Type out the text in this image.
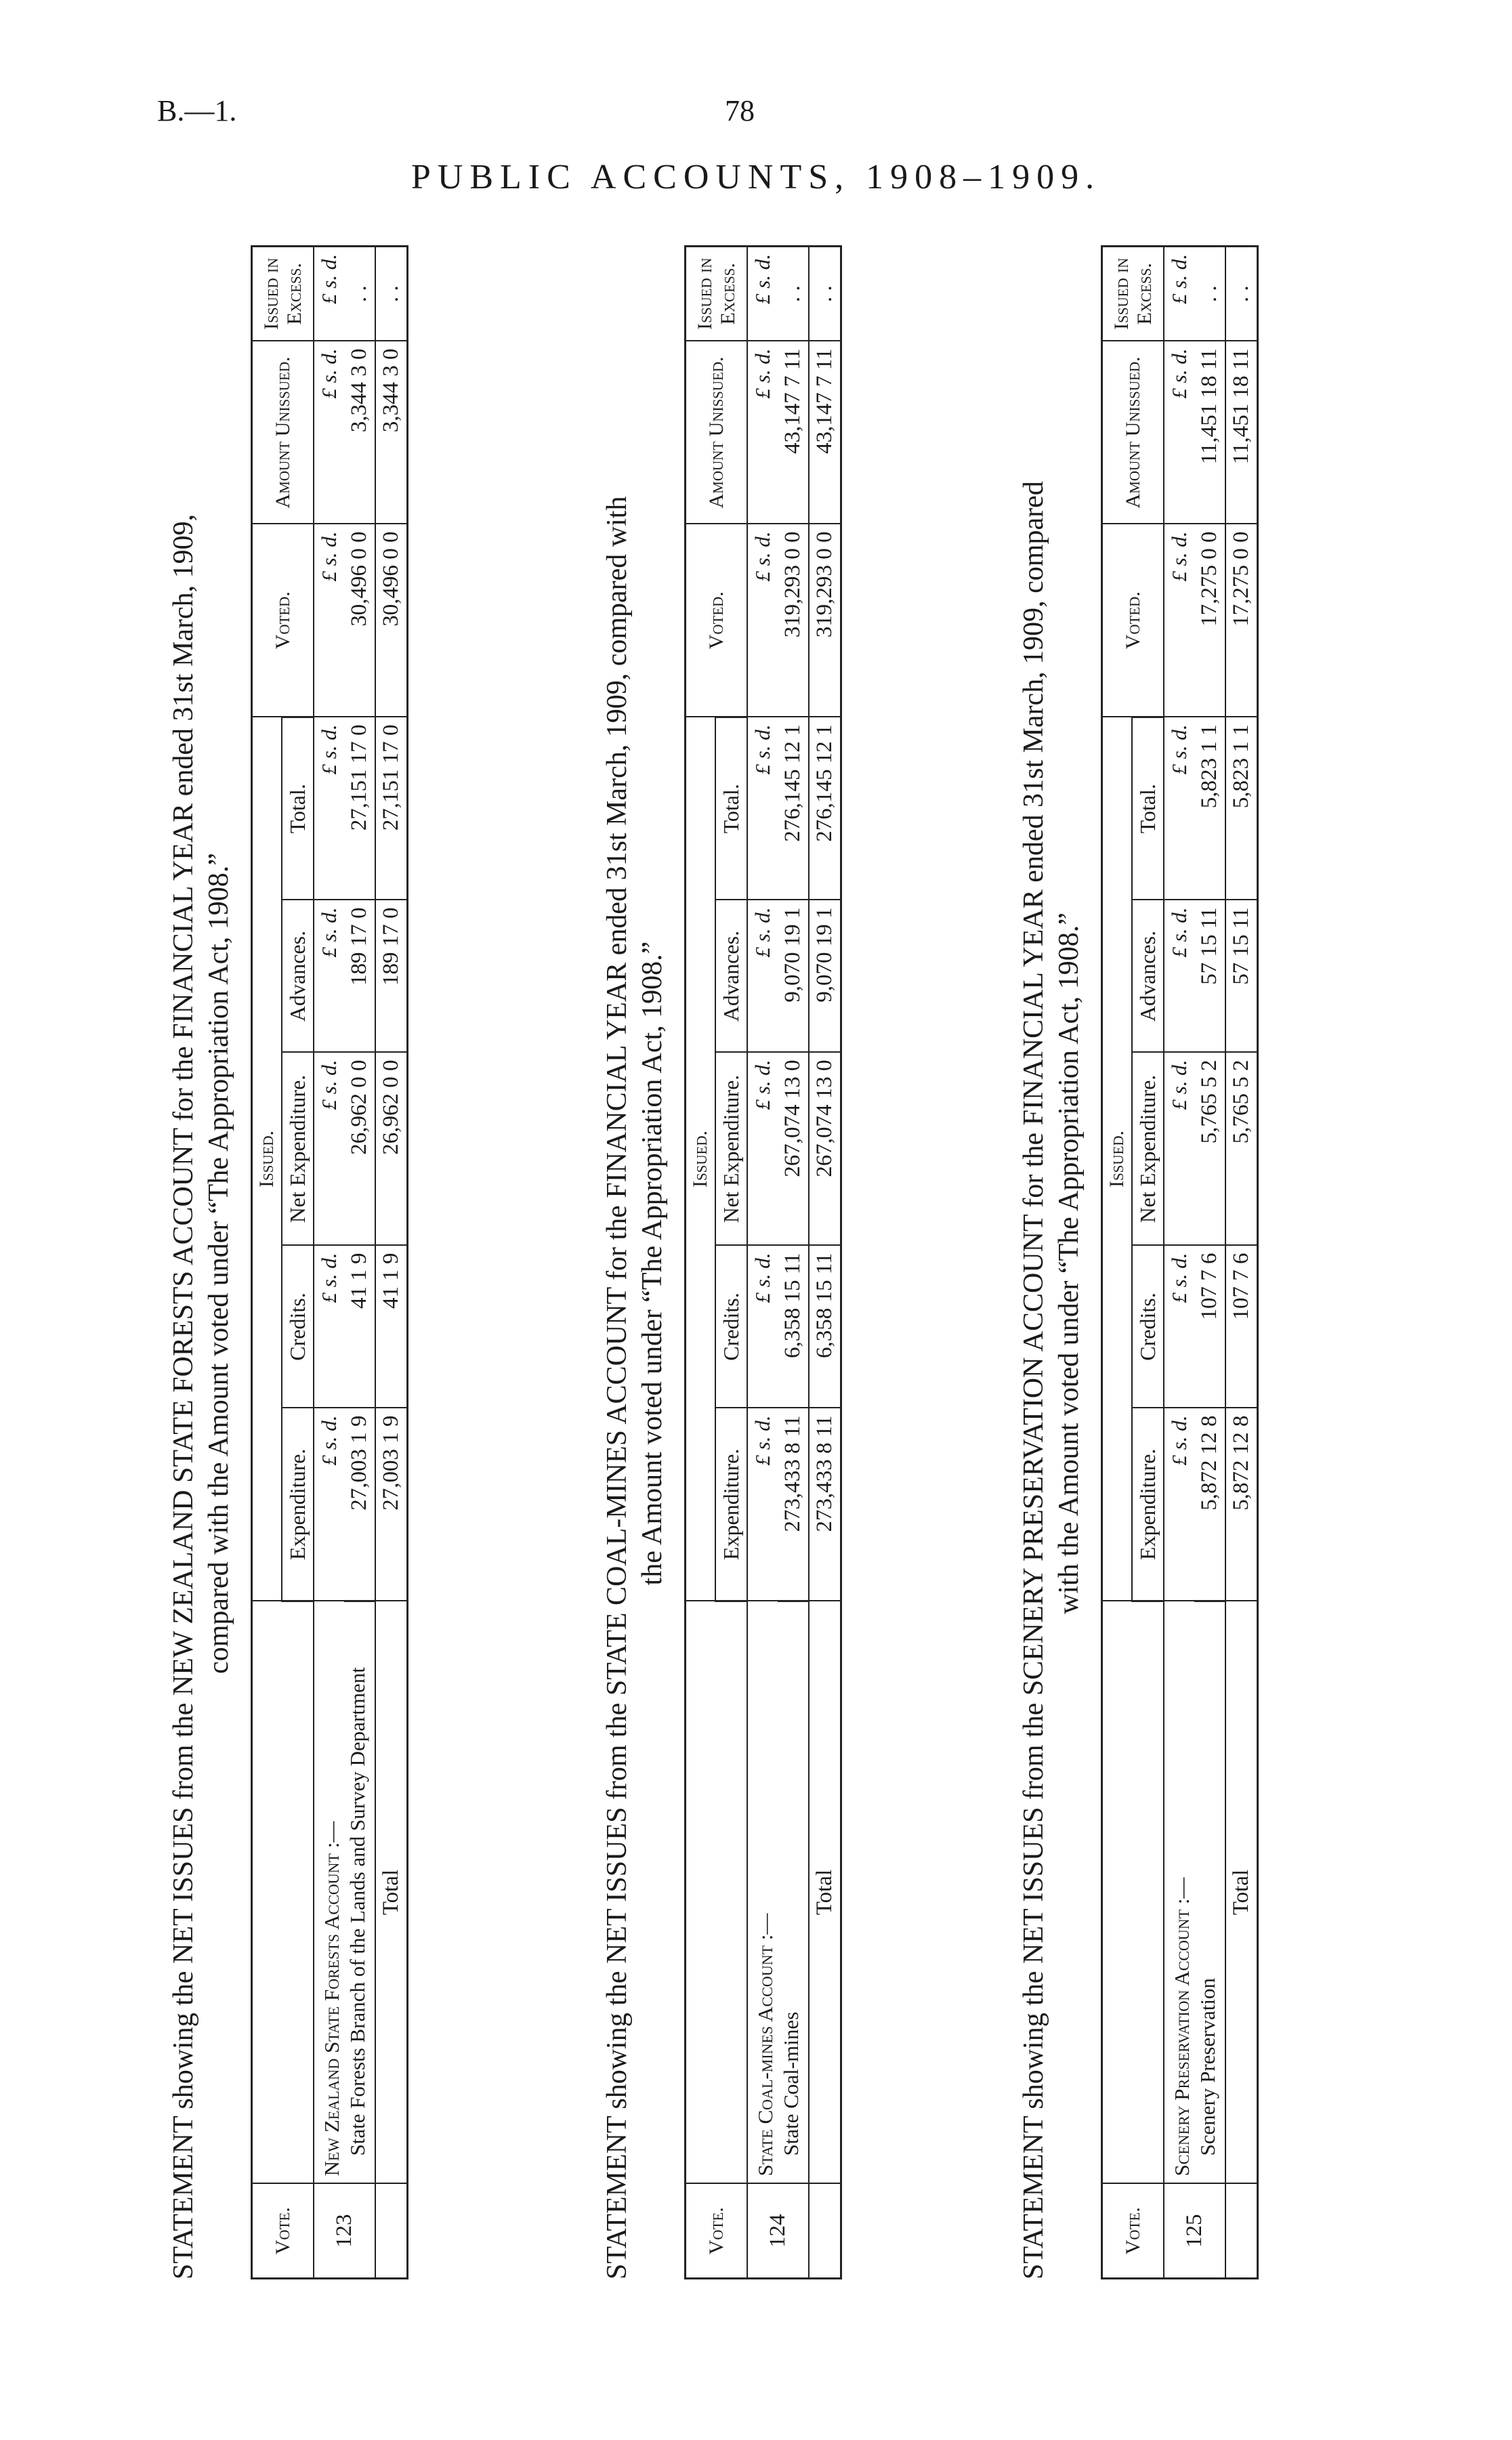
B.—1.	78
PUBLIC ACCOUNTS, 1908–1909.
STATEMENT showing the NET ISSUES from the NEW ZEALAND STATE FORESTS ACCOUNT for the FINANCIAL YEAR ended 31st March, 1909, compared with the Amount voted under “The Appropriation Act, 1908.”
Vote.		Issued.					Voted.	Amount Unissued.	Issued in Excess.
		Expenditure.	Credits.	Net Expenditure.	Advances.	Total.			
123	New Zealand State Forests Account :— State Forests Branch of the Lands and Survey Department	£ s. d.	£ s. d.	£ s. d.	£ s. d.	£ s. d.	£ s. d.	£ s. d.	£ s. d.
		27,003 1 9	41 1 9	26,962 0 0	189 17 0	27,151 17 0	30,496 0 0	3,344 3 0	. .
	Total	27,003 1 9	41 1 9	26,962 0 0	189 17 0	27,151 17 0	30,496 0 0	3,344 3 0	. .
STATEMENT showing the NET ISSUES from the STATE COAL-MINES ACCOUNT for the FINANCIAL YEAR ended 31st March, 1909, compared with the Amount voted under “The Appropriation Act, 1908.”
Vote.		Issued.					Voted.	Amount Unissued.	Issued in Excess.
		Expenditure.	Credits.	Net Expenditure.	Advances.	Total.			
124	State Coal-mines Account :— State Coal-mines	£ s. d.	£ s. d.	£ s. d.	£ s. d.	£ s. d.	£ s. d.	£ s. d.	£ s. d.
		273,433 8 11	6,358 15 11	267,074 13 0	9,070 19 1	276,145 12 1	319,293 0 0	43,147 7 11	. .
	Total	273,433 8 11	6,358 15 11	267,074 13 0	9,070 19 1	276,145 12 1	319,293 0 0	43,147 7 11	. .
STATEMENT showing the NET ISSUES from the SCENERY PRESERVATION ACCOUNT for the FINANCIAL YEAR ended 31st March, 1909, compared with the Amount voted under “The Appropriation Act, 1908.”
Vote.		Issued.					Voted.	Amount Unissued.	Issued in Excess.
		Expenditure.	Credits.	Net Expenditure.	Advances.	Total.			
125	Scenery Preservation Account :— Scenery Preservation	£ s. d.	£ s. d.	£ s. d.	£ s. d.	£ s. d.	£ s. d.	£ s. d.	£ s. d.
		5,872 12 8	107 7 6	5,765 5 2	57 15 11	5,823 1 1	17,275 0 0	11,451 18 11	. .
	Total	5,872 12 8	107 7 6	5,765 5 2	57 15 11	5,823 1 1	17,275 0 0	11,451 18 11	. .
